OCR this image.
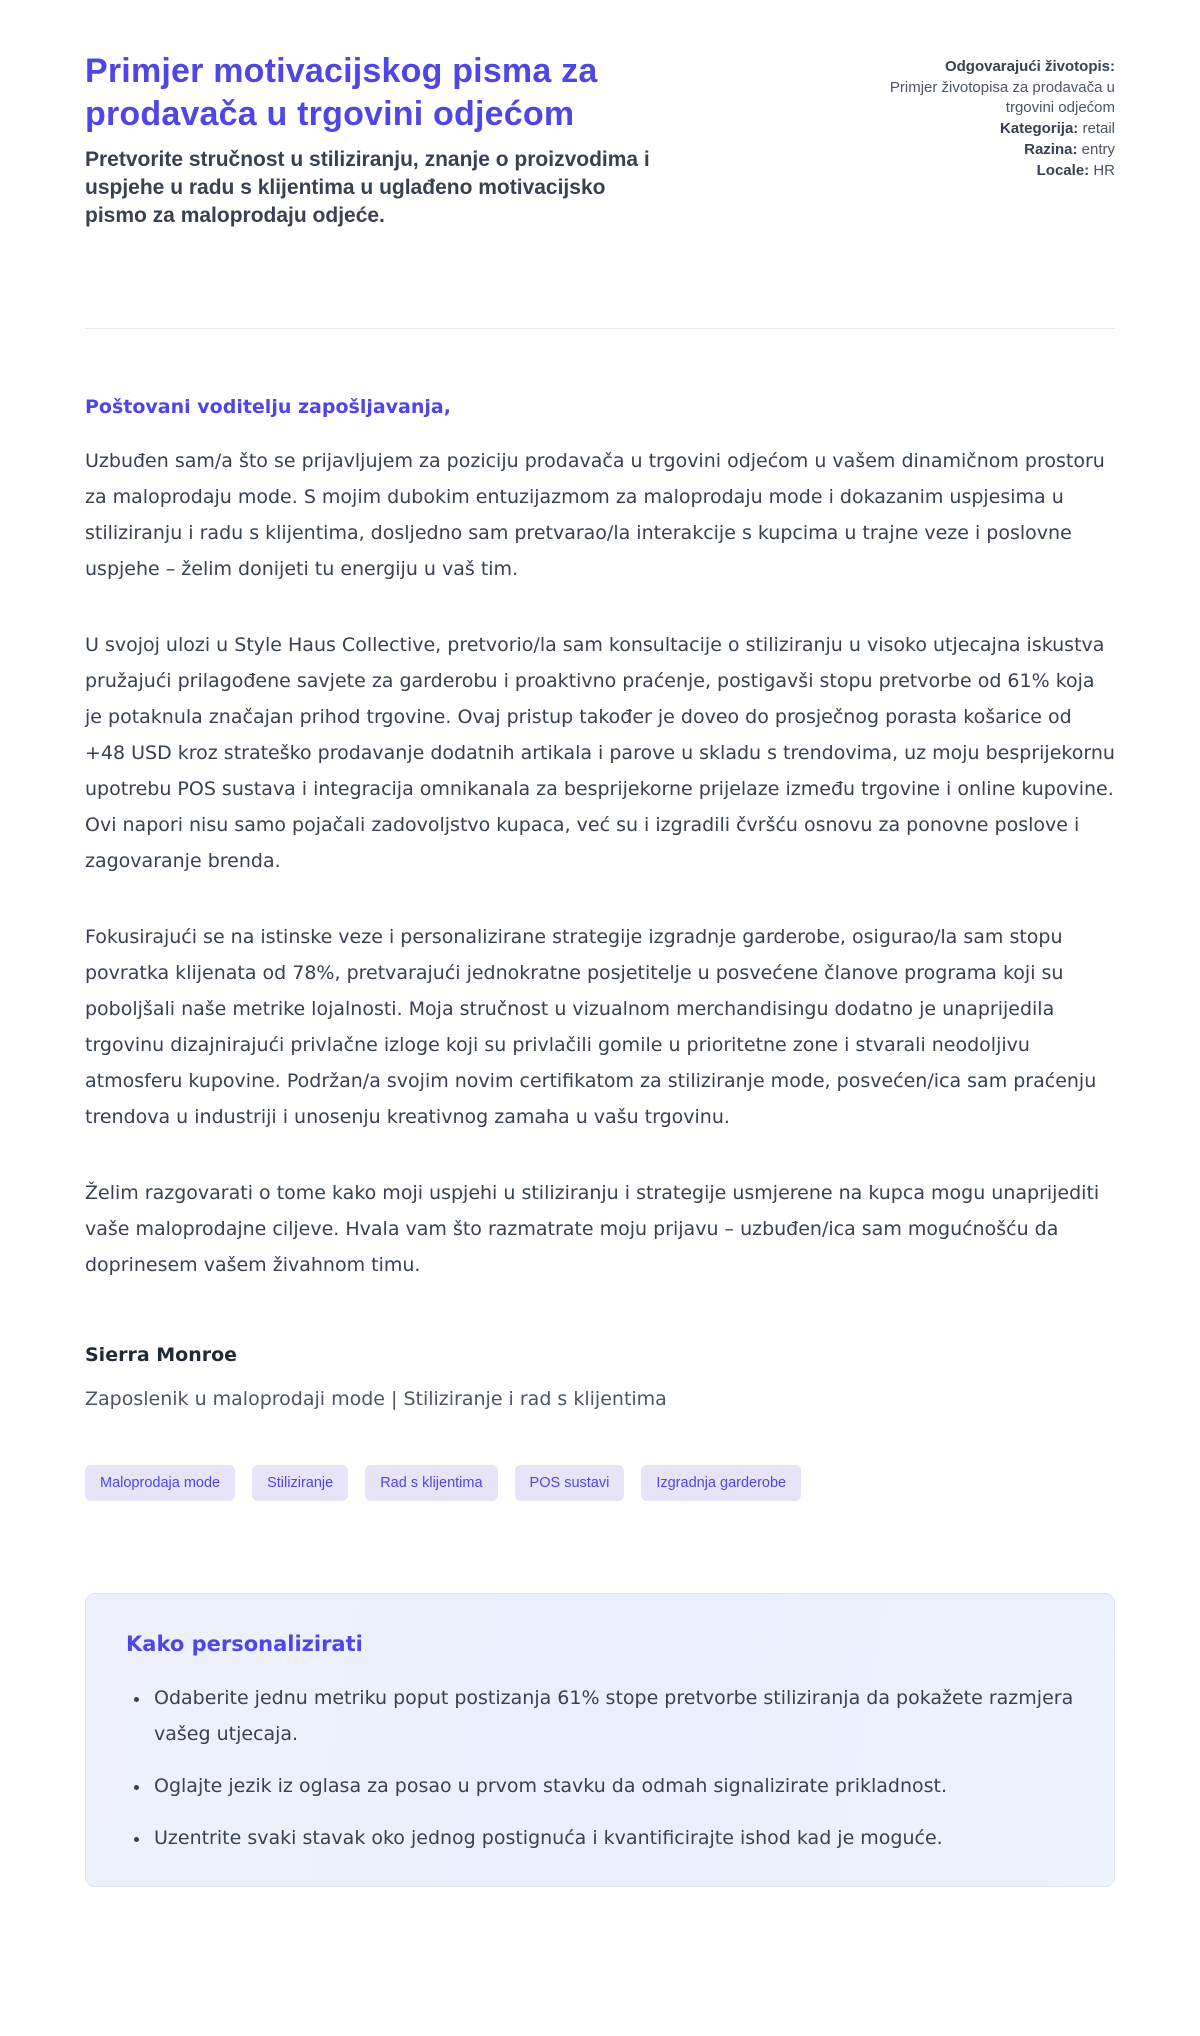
Primjer motivacijskog pisma za prodavača u trgovini odjećom

Pretvorite stručnost u stiliziranju, znanje o proizvodima i uspjehe u radu s klijentima u uglađeno motivacijsko pismo za maloprodaju odjeće.

Odgovarajući životopis:
Primjer životopisa za prodavača u trgovini odjećom
Kategorija: retail
Razina: entry
Locale: HR

Poštovani voditelju zapošljavanja,

Uzbuđen sam/a što se prijavljujem za poziciju prodavača u trgovini odjećom u vašem dinamičnom prostoru za maloprodaju mode. S mojim dubokim entuzijazmom za maloprodaju mode i dokazanim uspjesima u stiliziranju i radu s klijentima, dosljedno sam pretvarao/la interakcije s kupcima u trajne veze i poslovne uspjehe – želim donijeti tu energiju u vaš tim.

U svojoj ulozi u Style Haus Collective, pretvorio/la sam konsultacije o stiliziranju u visoko utjecajna iskustva pružajući prilagođene savjete za garderobu i proaktivno praćenje, postigavši stopu pretvorbe od 61% koja je potaknula značajan prihod trgovine. Ovaj pristup također je doveo do prosječnog porasta košarice od +48 USD kroz strateško prodavanje dodatnih artikala i parove u skladu s trendovima, uz moju besprijekornu upotrebu POS sustava i integracija omnikanala za besprijekorne prijelaze između trgovine i online kupovine. Ovi napori nisu samo pojačali zadovoljstvo kupaca, već su i izgradili čvršću osnovu za ponovne poslove i zagovaranje brenda.

Fokusirajući se na istinske veze i personalizirane strategije izgradnje garderobe, osigurao/la sam stopu povratka klijenata od 78%, pretvarajući jednokratne posjetitelje u posvećene članove programa koji su poboljšali naše metrike lojalnosti. Moja stručnost u vizualnom merchandisingu dodatno je unaprijedila trgovinu dizajnirajući privlačne izloge koji su privlačili gomile u prioritetne zone i stvarali neodoljivu atmosferu kupovine. Podržan/a svojim novim certifikatom za stiliziranje mode, posvećen/ica sam praćenju trendova u industriji i unosenju kreativnog zamaha u vašu trgovinu.

Želim razgovarati o tome kako moji uspjehi u stiliziranju i strategije usmjerene na kupca mogu unaprijediti vaše maloprodajne ciljeve. Hvala vam što razmatrate moju prijavu – uzbuđen/ica sam mogućnošću da doprinesem vašem živahnom timu.

Sierra Monroe

Zaposlenik u maloprodaji mode | Stiliziranje i rad s klijentima

Maloprodaja mode	Stiliziranje	Rad s klijentima	POS sustavi	Izgradnja garderobe
Kako personalizirati
• Odaberite jednu metriku poput postizanja 61% stope pretvorbe stiliziranja da pokažete razmjera vašeg utjecaja.
• Oglajte jezik iz oglasa za posao u prvom stavku da odmah signalizirate prikladnost.
• Uzentrite svaki stavak oko jednog postignuća i kvantificirajte ishod kad je moguće.
